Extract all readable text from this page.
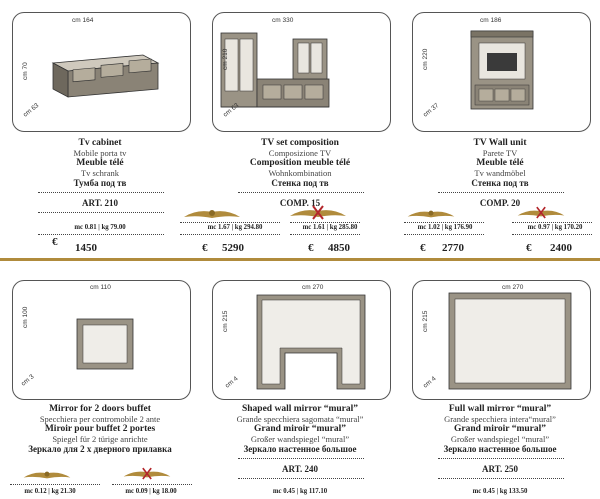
cm 164
cm 70
cm 63
Tv cabinet
Mobile porta tv
Meuble télé
Tv schrank
Тумба под тв
ART. 210
mc 0.81 | kg 79.00
€ 1450
cm 330
cm 210
cm 63
TV set composition
Composizione TV
Composition meuble télé
Wohnkombination
Стенка под тв
COMP. 15
mc 1.67 | kg 294.80	mc 1.61 | kg 285.80
€ 5290	€ 4850
cm 186
cm 220
cm 37
TV Wall unit
Parete TV
Meuble télé
Tv wandmöbel
Стенка под тв
COMP. 20
mc 1.02 | kg 176.90	mc 0.97 | kg 170.20
€ 2770	€ 2400
cm 110
cm 100
cm 3
Mirror for 2 doors buffet
Specchiera per contromobile 2 ante
Miroir pour buffet 2 portes
Spiegel für 2 türige anrichte
Зеркало для 2 х дверного прилавка
mc 0.12 | kg 21.30	mc 0.09 | kg 18.00
cm 270
cm 215
cm 4
Shaped wall mirror “mural”
Grande specchiera sagomata “mural”
Grand miroir “mural”
Großer wandspiegel “mural”
Зеркало настенное большое
ART. 240
mc 0.45 | kg 117.10
cm 270
cm 215
cm 4
Full wall mirror “mural”
Grande specchiera intera“mural”
Grand miroir “mural”
Großer wandspiegel “mural”
Зеркало настенное большое
ART. 250
mc 0.45 | kg 133.50
